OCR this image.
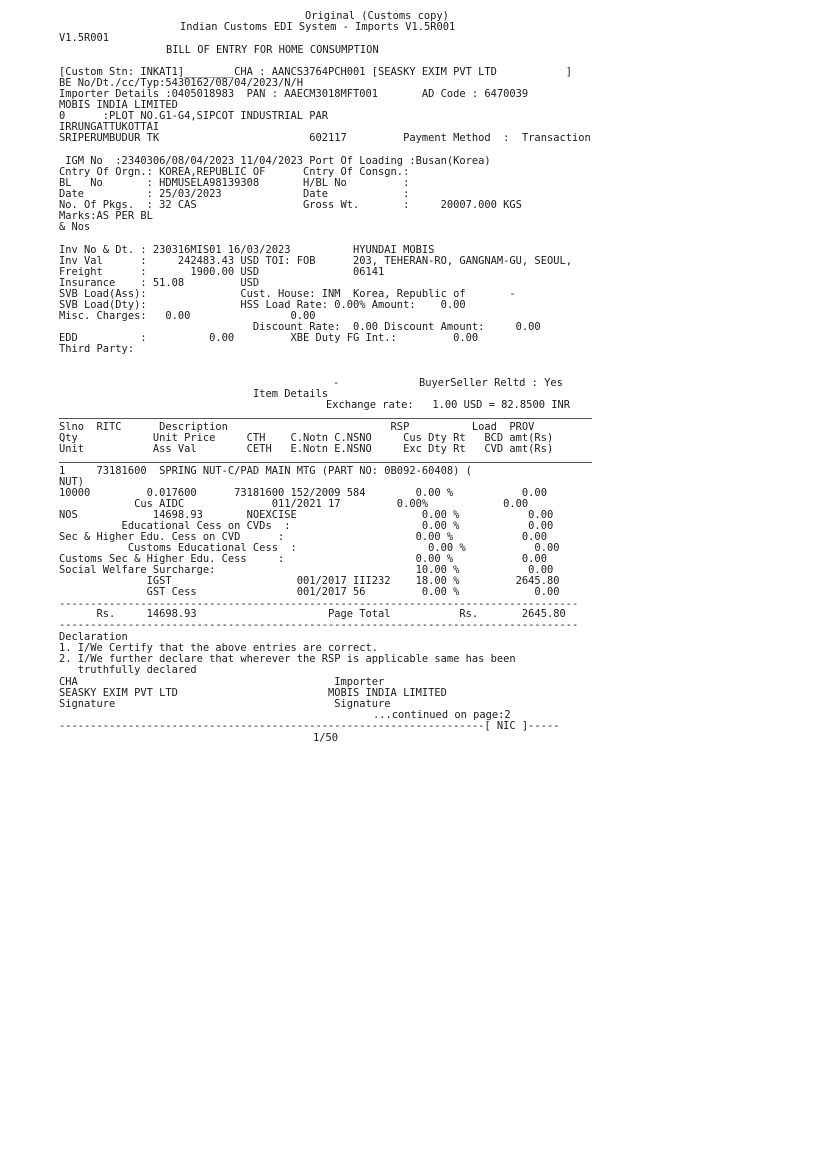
Original (Customs copy)
Indian Customs EDI System - Imports V1.5R001
V1.5R001
BILL OF ENTRY FOR HOME CONSUMPTION
[Custom Stn: INKAT1]________CHA : AANCS3764PCH001 [SEASKY EXIM PVT LTD           ]
BE No/Dt./cc/Typ:5430162/08/04/2023/N/H
Importer Details :0405018983  PAN : AAECM3018MFT001       AD Code : 6470039
MOBIS INDIA LIMITED
0      :PLOT NO.G1-G4,SIPCOT INDUSTRIAL PAR
IRRUNGATTUKOTTAI
SRIPERUMBUDUR TK                        602117         Payment Method  :  Transaction
IGM No  :2340306/08/04/2023 11/04/2023 Port Of Loading :Busan(Korea)
Cntry Of Orgn.: KOREA,REPUBLIC OF      Cntry Of Consgn.:
BL   No       : HDMUSELA98139308       H/BL No         :
Date          : 25/03/2023             Date            :
No. Of Pkgs.  : 32 CAS                 Gross Wt.       :     20007.000 KGS
Marks:AS PER BL
& Nos
Inv No & Dt. : 230316MIS01 16/03/2023          HYUNDAI MOBIS
Inv Val      :     242483.43 USD TOI: FOB      203, TEHERAN-RO, GANGNAM-GU, SEOUL,
Freight      :       1900.00 USD               06141
Insurance    : 51.08         USD
SVB Load(Ass):               Cust. House: INM  Korea, Republic of       -
SVB Load(Dty):               HSS Load Rate: 0.00% Amount:    0.00
Misc. Charges:   0.00                0.00
Discount Rate:  0.00 Discount Amount:     0.00
EDD          :          0.00         XBE Duty FG Int.:         0.00
Third Party:
-	BuyerSeller Reltd : Yes
Item Details
Exchange rate:   1.00 USD = 82.8500 INR
Slno  RITC      Description                          RSP          Load  PROV
Qty            Unit Price     CTH    C.Notn C.NSNO     Cus Dty Rt   BCD amt(Rs)
Unit           Ass Val        CETH   E.Notn E.NSNO     Exc Dty Rt   CVD amt(Rs)
1     73181600  SPRING NUT-C/PAD MAIN MTG (PART NO: 0B092-60408) (
NUT)
10000         0.017600      73181600 152/2009 584        0.00 %           0.00
Cus AIDC              011/2021 17         0.00%            0.00
NOS            14698.93       NOEXCISE                    0.00 %           0.00
Educational Cess on CVDs  :                     0.00 %           0.00
Sec & Higher Edu. Cess on CVD      :                     0.00 %           0.00
Customs Educational Cess  :                     0.00 %           0.00
Customs Sec & Higher Edu. Cess     :                     0.00 %           0.00
Social Welfare Surcharge:                                10.00 %           0.00
IGST                    001/2017 III232    18.00 %         2645.80
GST Cess                001/2017 56         0.00 %            0.00
-----------------------------------------------------------------------------------
Rs.     14698.93                     Page Total           Rs.       2645.80
-----------------------------------------------------------------------------------
Declaration
1. I/We Certify that the above entries are correct.
2. I/We further declare that wherever the RSP is applicable same has been
truthfully declared
CHA                                         Importer
SEASKY EXIM PVT LTD                        MOBIS INDIA LIMITED
Signature                                   Signature
...continued on page:2
--------------------------------------------------------------------[ NIC ]-----
1/50
